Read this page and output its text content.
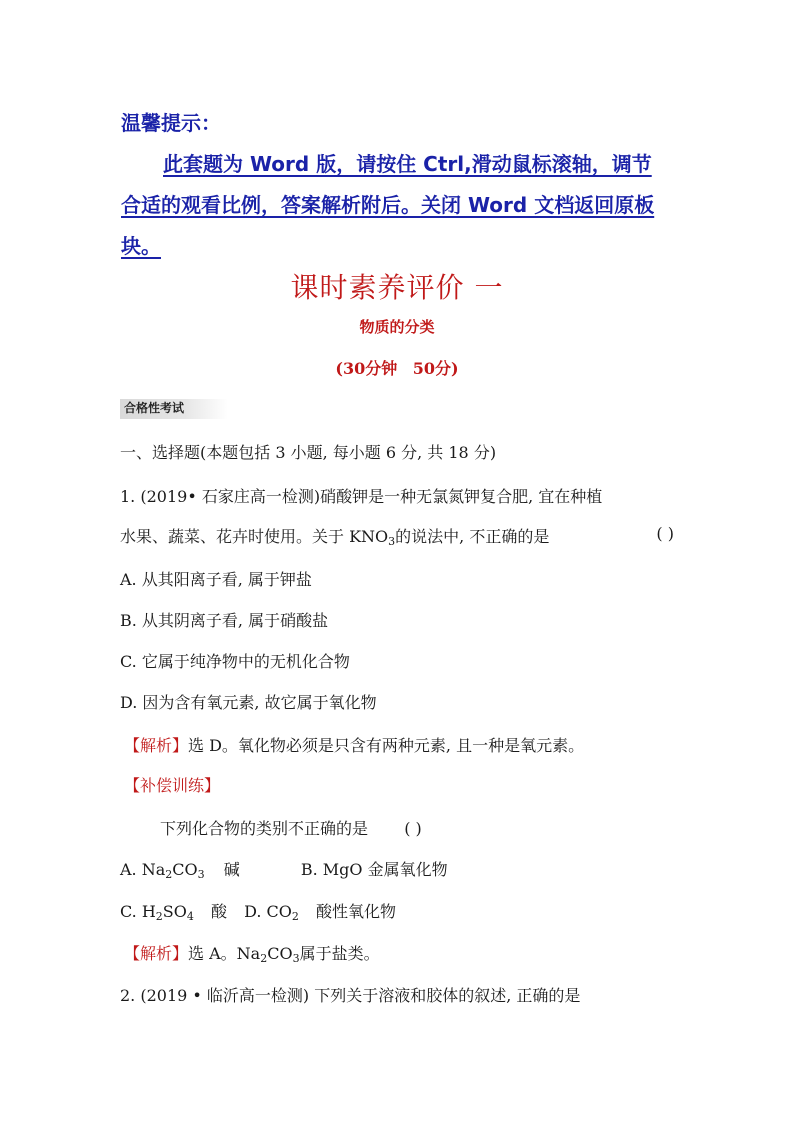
温馨提示：
此套题为 Word 版，请按住 Ctrl,滑动鼠标滚轴，调节
合适的观看比例，答案解析附后。关闭 Word 文档返回原板
块。
课时素养评价 一
物质的分类
(30分钟 50分)
合格性考试
一、选择题(本题包括 3 小题, 每小题 6 分, 共 18 分)
1. (2019• 石家庄高一检测)硝酸钾是一种无氯氮钾复合肥, 宜在种植
水果、蔬菜、花卉时使用。关于 $KNO_3$的说法中, 不正确的是	( )
A. 从其阳离子看, 属于钾盐
B. 从其阴离子看, 属于硝酸盐
C. 它属于纯净物中的无机化合物
D. 因为含有氧元素, 故它属于氧化物
【解析】选 D。氧化物必须是只含有两种元素, 且一种是氧元素。
【补偿训练】
下列化合物的类别不正确的是 ( )
A. $Na_2CO_3$ 碱	B. MgO 金属氧化物
C. $H_2SO_4$ 酸 D. $CO_2$ 酸性氧化物
【解析】选 A。$Na_2CO_3$属于盐类。
2. (2019 • 临沂高一检测) 下列关于溶液和胶体的叙述, 正确的是
